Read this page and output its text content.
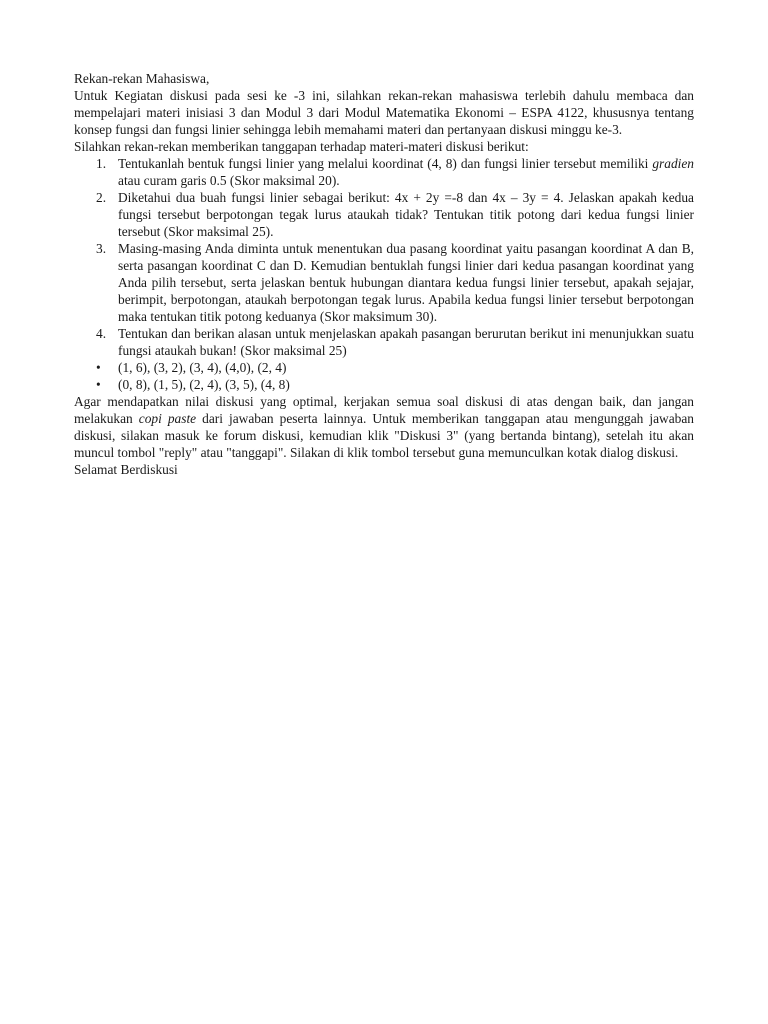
Rekan-rekan Mahasiswa,

Untuk Kegiatan diskusi pada sesi ke -3 ini, silahkan rekan-rekan mahasiswa terlebih dahulu membaca dan mempelajari materi inisiasi 3 dan Modul 3 dari Modul Matematika Ekonomi – ESPA 4122, khususnya tentang konsep fungsi dan fungsi linier sehingga lebih memahami materi dan pertanyaan diskusi minggu ke-3.

Silahkan rekan-rekan memberikan tanggapan terhadap materi-materi diskusi berikut:

1. Tentukanlah bentuk fungsi linier yang melalui koordinat (4, 8) dan fungsi linier tersebut memiliki gradien atau curam garis 0.5 (Skor maksimal 20).
2. Diketahui dua buah fungsi linier sebagai berikut: 4x + 2y =-8 dan 4x – 3y = 4. Jelaskan apakah kedua fungsi tersebut berpotongan tegak lurus ataukah tidak? Tentukan titik potong dari kedua fungsi linier tersebut (Skor maksimal 25).
3. Masing-masing Anda diminta untuk menentukan dua pasang koordinat yaitu pasangan koordinat A dan B, serta pasangan koordinat C dan D. Kemudian bentuklah fungsi linier dari kedua pasangan koordinat yang Anda pilih tersebut, serta jelaskan bentuk hubungan diantara kedua fungsi linier tersebut, apakah sejajar, berimpit, berpotongan, ataukah berpotongan tegak lurus. Apabila kedua fungsi linier tersebut berpotongan maka tentukan titik potong keduanya (Skor maksimum 30).
4. Tentukan dan berikan alasan untuk menjelaskan apakah pasangan berurutan berikut ini menunjukkan suatu fungsi ataukah bukan! (Skor maksimal 25)
• (1, 6), (3, 2), (3, 4), (4,0), (2, 4)
• (0, 8), (1, 5), (2, 4), (3, 5), (4, 8)

Agar mendapatkan nilai diskusi yang optimal, kerjakan semua soal diskusi di atas dengan baik, dan jangan melakukan copi paste dari jawaban peserta lainnya. Untuk memberikan tanggapan atau mengunggah jawaban diskusi, silakan masuk ke forum diskusi, kemudian klik "Diskusi 3" (yang bertanda bintang), setelah itu akan muncul tombol "reply" atau "tanggapi". Silakan di klik tombol tersebut guna memunculkan kotak dialog diskusi.

Selamat Berdiskusi
